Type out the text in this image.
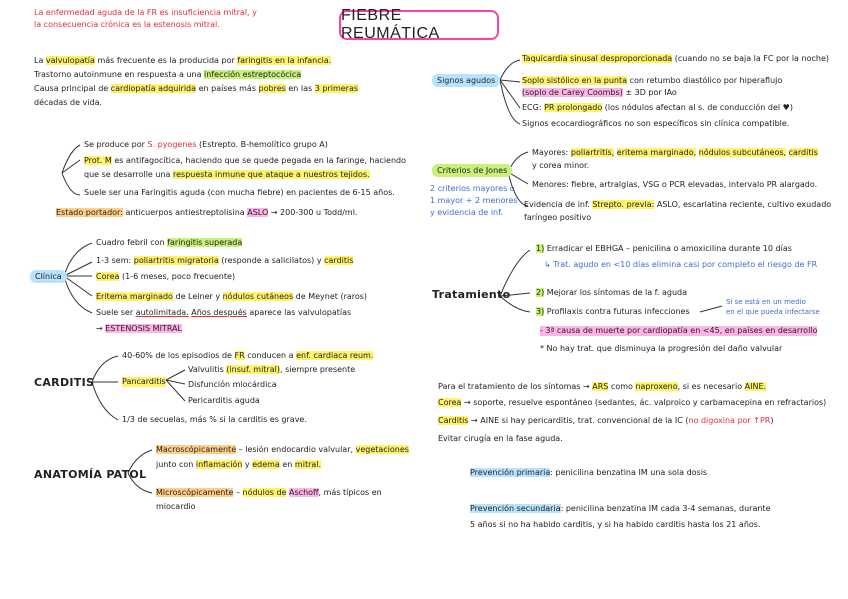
La enfermedad aguda de la FR es insuficiencia mitral, y
la consecuencia crónica es la estenosis mitral.
FIEBRE REUMÁTICA
La valvulopatía más frecuente es la producida por faringitis en la infancia.
Trastorno autoinmune en respuesta a una infección estreptocócica
Causa principal de cardiopatía adquirida en países más pobres en las 3 primeras
décadas de vida.
Se produce por S. pyogenes (Estrepto. B-hemolítico grupo A)
Prot. M es antifagocítica, haciendo que se quede pegada en la faringe, haciendo
que se desarrolle una respuesta inmune que ataque a nuestros tejidos.
Suele ser una Faringitis aguda (con mucha fiebre) en pacientes de 6-15 años.
Estado portador: anticuerpos antiestreptolisina ASLO → 200-300 u Todd/ml.
Clínica
Cuadro febril con faringitis superada
1-3 sem: poliartritis migratoria (responde a salicilatos) y carditis
Corea (1-6 meses, poco frecuente)
Eritema marginado de Leiner y nódulos cutáneos de Meynet (raros)
Suele ser autolimitada. Años después aparece las valvulopatías
→ ESTENOSIS MITRAL
CARDITIS
40-60% de los episodios de FR conducen a enf. cardiaca reum.
Pancarditis
Valvulitis (insuf. mitral), siempre presente
Disfunción miocárdica
Pericarditis aguda
1/3 de secuelas, más % si la carditis es grave.
ANATOMÍA PATOL
Macroscópicamente – lesión endocardio valvular, vegetaciones
junto con inflamación y edema en mitral.
Microscópicamente – nódulos de Aschoff, más típicos en
miocardio
Signos agudos
Taquicardia sinusal desproporcionada (cuando no se baja la FC por la noche)
Soplo sistólico en la punta con retumbo diastólico por hiperaflujo
(soplo de Carey Coombs) ± 3D por IAo
ECG: PR prolongado (los nódulos afectan al s. de conducción del ♥)
Signos ecocardiográficos no son específicos sin clínica compatible.
Criterios de Jones
2 criterios mayores o
1 mayor + 2 menores
y evidencia de inf.
Mayores: poliartritis, eritema marginado, nódulos subcutáneos, carditis
y corea minor.
Menores: fiebre, artralgias, VSG o PCR elevadas, intervalo PR alargado.
Evidencia de inf. Strepto. previa: ASLO, escarlatina reciente, cultivo exudado
faríngeo positivo
Tratamiento
1) Erradicar el EBHGA – penicilina o amoxicilina durante 10 días
↳ Trat. agudo en <10 días elimina casi por completo el riesgo de FR
2) Mejorar los síntomas de la f. aguda
3) Profilaxis contra futuras infecciones
Si se está en un medio
en el que pueda infectarse
- 3ª causa de muerte por cardiopatía en <45, en países en desarrollo
* No hay trat. que disminuya la progresión del daño valvular
Para el tratamiento de los síntomas → ARS como naproxeno, si es necesario AINE.
Corea → soporte, resuelve espontáneo (sedantes, ác. valproico y carbamacepina en refractarios)
Carditis → AINE si hay pericarditis, trat. convencional de la IC (no digoxina por ↑PR)
Evitar cirugía en la fase aguda.
Prevención primaria: penicilina benzatina IM una sola dosis
Prevención secundaria: penicilina benzatina IM cada 3-4 semanas, durante
5 años si no ha habido carditis, y si ha habido carditis hasta los 21 años.
